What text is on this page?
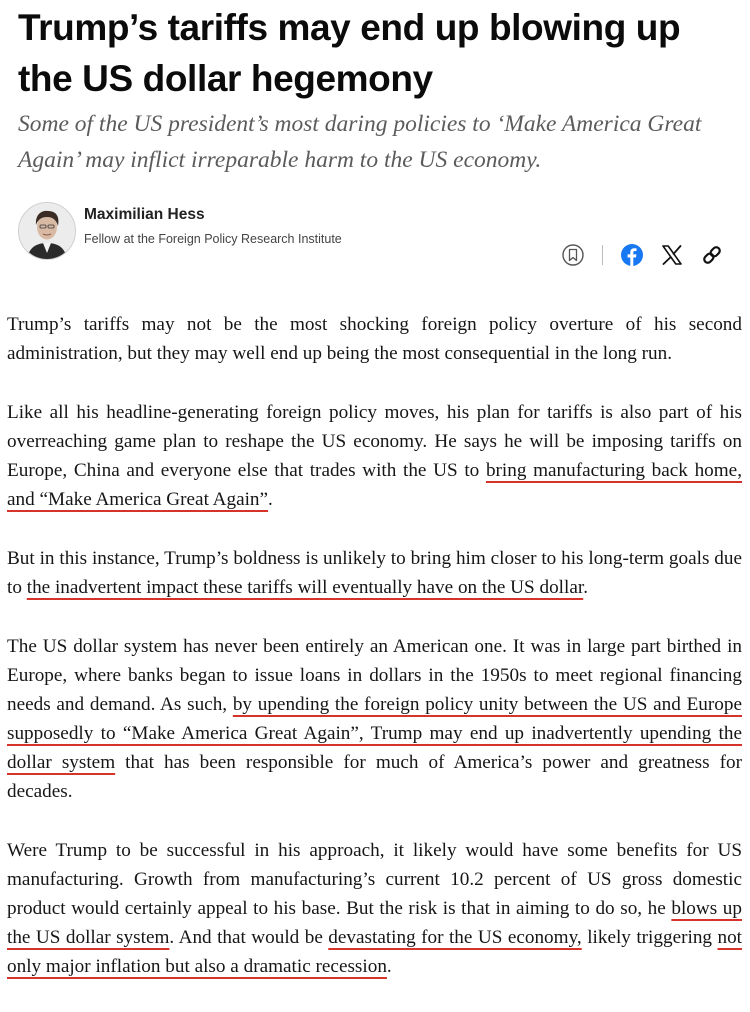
Trump’s tariffs may end up blowing up the US dollar hegemony

Some of the US president’s most daring policies to ‘Make America Great Again’ may inflict irreparable harm to the US economy.

Maximilian Hess

Fellow at the Foreign Policy Research Institute

Trump’s tariffs may not be the most shocking foreign policy overture of his second administration, but they may well end up being the most consequential in the long run.

Like all his headline-generating foreign policy moves, his plan for tariffs is also part of his overreaching game plan to reshape the US economy. He says he will be imposing tariffs on Europe, China and everyone else that trades with the US to bring manufacturing back home, and “Make America Great Again”.

But in this instance, Trump’s boldness is unlikely to bring him closer to his long-term goals due to the inadvertent impact these tariffs will eventually have on the US dollar.

The US dollar system has never been entirely an American one. It was in large part birthed in Europe, where banks began to issue loans in dollars in the 1950s to meet regional financing needs and demand. As such, by upending the foreign policy unity between the US and Europe supposedly to “Make America Great Again”, Trump may end up inadvertently upending the dollar system that has been responsible for much of America’s power and greatness for decades.

Were Trump to be successful in his approach, it likely would have some benefits for US manufacturing. Growth from manufacturing’s current 10.2 percent of US gross domestic product would certainly appeal to his base. But the risk is that in aiming to do so, he blows up the US dollar system. And that would be devastating for the US economy, likely triggering not only major inflation but also a dramatic recession.
